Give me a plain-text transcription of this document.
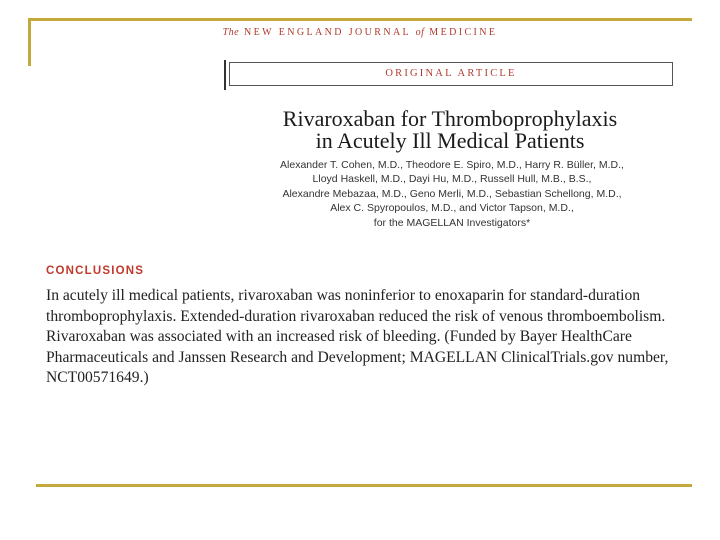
The NEW ENGLAND JOURNAL of MEDICINE
ORIGINAL ARTICLE
Rivaroxaban for Thromboprophylaxis
in Acutely Ill Medical Patients
Alexander T. Cohen, M.D., Theodore E. Spiro, M.D., Harry R. Büller, M.D.,
Lloyd Haskell, M.D., Dayi Hu, M.D., Russell Hull, M.B., B.S.,
Alexandre Mebazaa, M.D., Geno Merli, M.D., Sebastian Schellong, M.D.,
Alex C. Spyropoulos, M.D., and Victor Tapson, M.D.,
for the MAGELLAN Investigators*
CONCLUSIONS
In acutely ill medical patients, rivaroxaban was noninferior to enoxaparin for standard-duration thromboprophylaxis. Extended-duration rivaroxaban reduced the risk of venous thromboembolism. Rivaroxaban was associated with an increased risk of bleeding. (Funded by Bayer HealthCare Pharmaceuticals and Janssen Research and Development; MAGELLAN ClinicalTrials.gov number, NCT00571649.)
